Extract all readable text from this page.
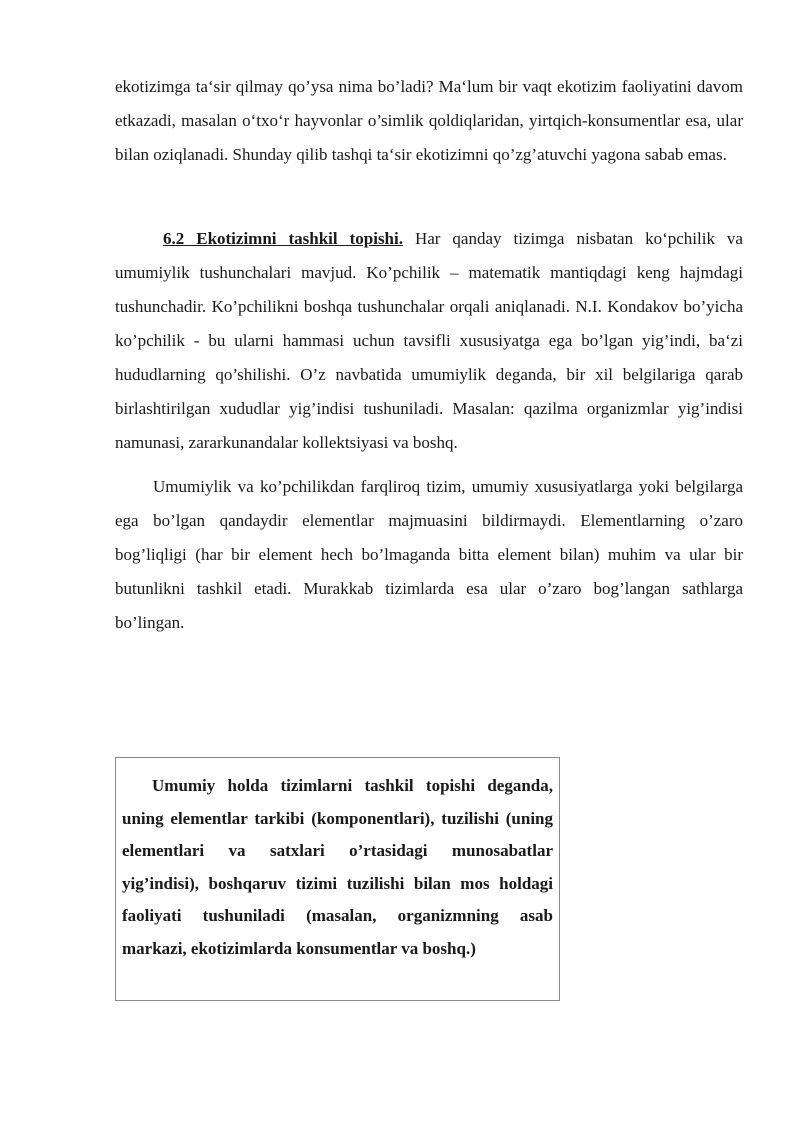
ekotizimga taʻsir qilmay qo’ysa nima bo’ladi? Maʻlum bir vaqt ekotizim faoliyatini davom etkazadi, masalan oʻtxoʻr hayvonlar o’simlik qoldiqlaridan, yirtqich-konsumentlar esa, ular bilan oziqlanadi. Shunday qilib tashqi taʻsir ekotizimni qo’zg’atuvchi yagona sabab emas.

6.2 Ekotizimni tashkil topishi. Har qanday tizimga nisbatan koʻpchilik va umumiylik tushunchalari mavjud. Ko’pchilik – matematik mantiqdagi keng hajmdagi tushunchadir. Ko’pchilikni boshqa tushunchalar orqali aniqlanadi. N.I. Kondakov bo’yicha ko’pchilik - bu ularni hammasi uchun tavsifli xususiyatga ega bo’lgan yig’indi, baʻzi hududlarning qo’shilishi. O’z navbatida umumiylik deganda, bir xil belgilariga qarab birlashtirilgan xududlar yig’indisi tushuniladi. Masalan: qazilma organizmlar yig’indisi namunasi, zararkunandalar kollektsiyasi va boshq.

Umumiylik va ko’pchilikdan farqliroq tizim, umumiy xususiyatlarga yoki belgilarga ega bo’lgan qandaydir elementlar majmuasini bildirmaydi. Elementlarning o’zaro bog’liqligi (har bir element hech bo’lmaganda bitta element bilan) muhim va ular bir butunlikni tashkil etadi. Murakkab tizimlarda esa ular o’zaro bog’langan sathlarga bo’lingan.

Umumiy holda tizimlarni tashkil topishi deganda, uning elementlar tarkibi (komponentlari), tuzilishi (uning elementlari va satxlari o’rtasidagi munosabatlar yig’indisi), boshqaruv tizimi tuzilishi bilan mos holdagi faoliyati tushuniladi (masalan, organizmning asab markazi, ekotizimlarda konsumentlar va boshq.)
